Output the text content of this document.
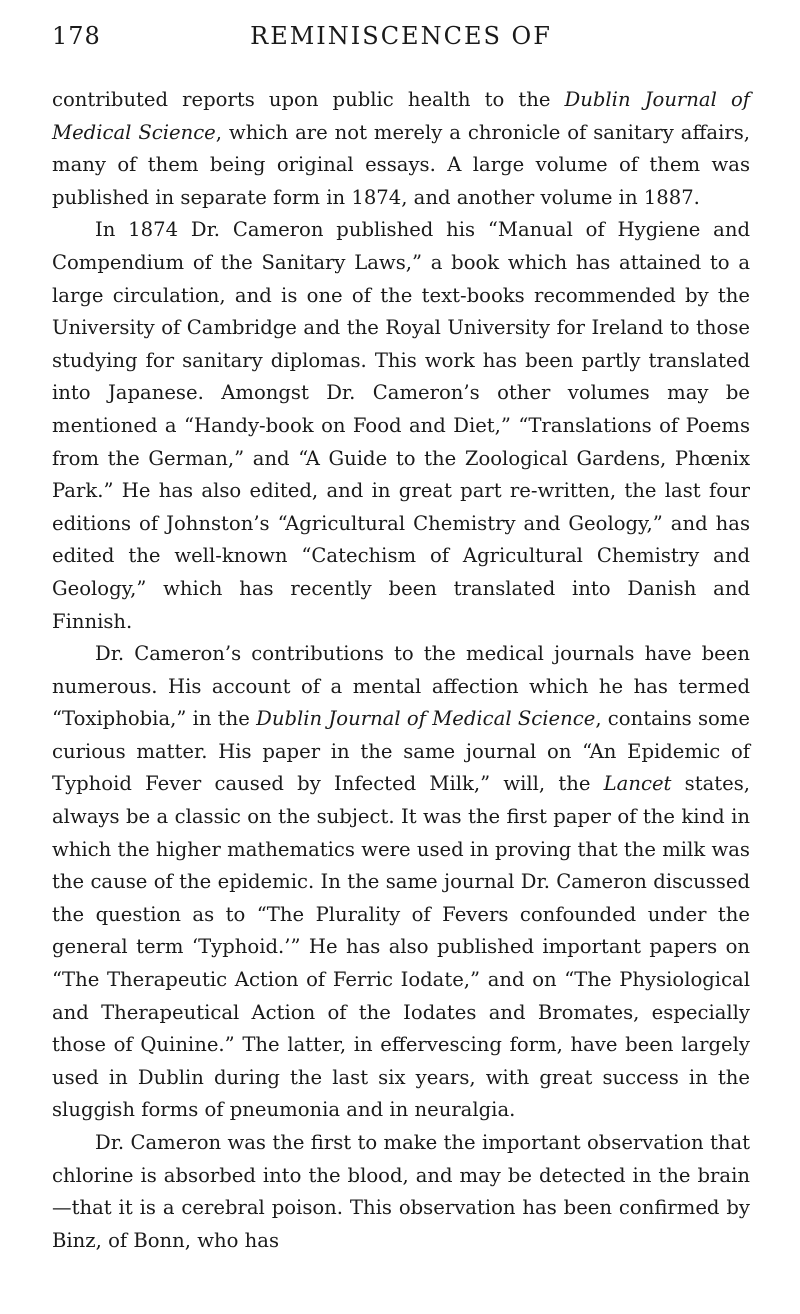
178	REMINISCENCES OF

contributed reports upon public health to the Dublin Journal of Medical Science, which are not merely a chronicle of sanitary affairs, many of them being original essays. A large volume of them was published in separate form in 1874, and another volume in 1887.

In 1874 Dr. Cameron published his “Manual of Hygiene and Compendium of the Sanitary Laws,” a book which has attained to a large circulation, and is one of the text-books recommended by the University of Cambridge and the Royal University for Ireland to those studying for sanitary diplomas. This work has been partly translated into Japanese. Amongst Dr. Cameron’s other volumes may be mentioned a “Handy-book on Food and Diet,” “Translations of Poems from the German,” and “A Guide to the Zoological Gardens, Phœnix Park.” He has also edited, and in great part re-written, the last four editions of Johnston’s “Agricultural Chemistry and Geology,” and has edited the well-known “Catechism of Agricultural Chemistry and Geology,” which has recently been translated into Danish and Finnish.

Dr. Cameron’s contributions to the medical journals have been numerous. His account of a mental affection which he has termed “Toxiphobia,” in the Dublin Journal of Medical Science, contains some curious matter. His paper in the same journal on “An Epidemic of Typhoid Fever caused by Infected Milk,” will, the Lancet states, always be a classic on the subject. It was the first paper of the kind in which the higher mathematics were used in proving that the milk was the cause of the epidemic. In the same journal Dr. Cameron discussed the question as to “The Plurality of Fevers confounded under the general term ‘Typhoid.’” He has also published important papers on “The Therapeutic Action of Ferric Iodate,” and on “The Physiological and Therapeutical Action of the Iodates and Bromates, especially those of Quinine.” The latter, in effervescing form, have been largely used in Dublin during the last six years, with great success in the sluggish forms of pneumonia and in neuralgia.

Dr. Cameron was the first to make the important observation that chlorine is absorbed into the blood, and may be detected in the brain—that it is a cerebral poison. This observation has been confirmed by Binz, of Bonn, who has
